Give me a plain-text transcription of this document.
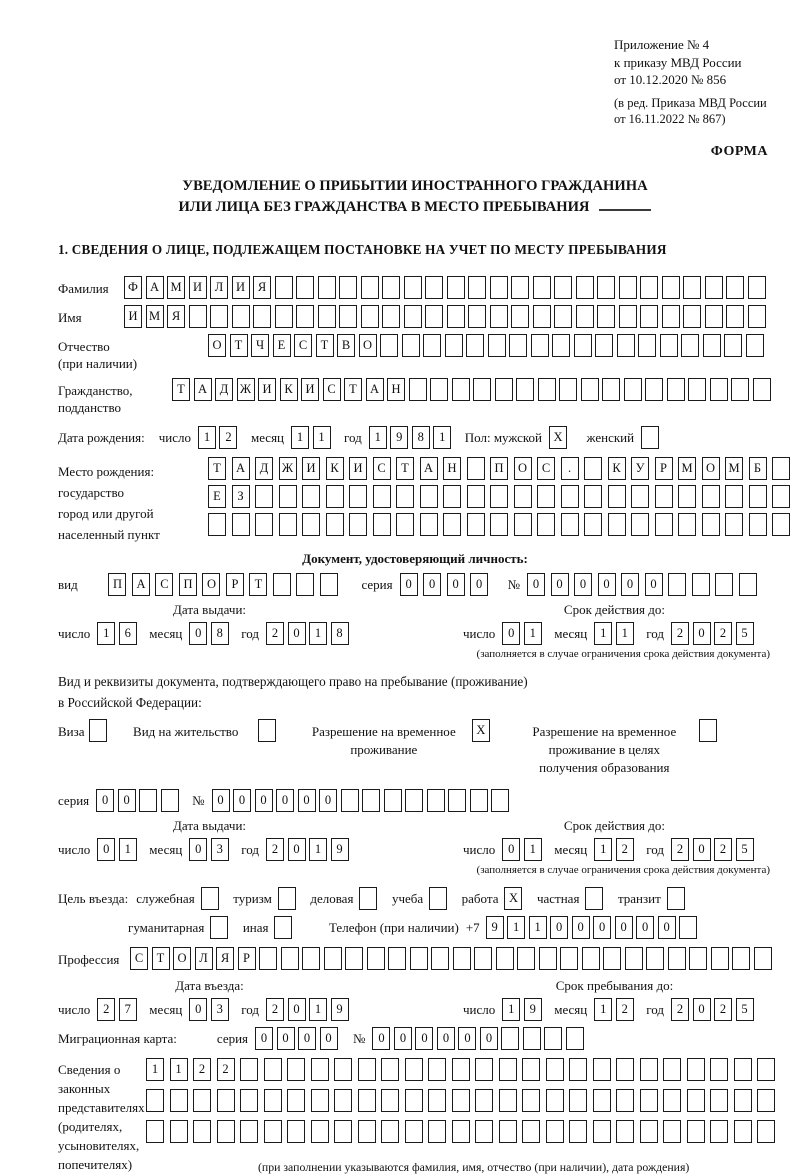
Приложение № 4
к приказу МВД России
от 10.12.2020 № 856
(в ред. Приказа МВД России
от 16.11.2022 № 867)
ФОРМА
УВЕДОМЛЕНИЕ О ПРИБЫТИИ ИНОСТРАННОГО ГРАЖДАНИНА
ИЛИ ЛИЦА БЕЗ ГРАЖДАНСТВА В МЕСТО ПРЕБЫВАНИЯ
1. СВЕДЕНИЯ О ЛИЦЕ, ПОДЛЕЖАЩЕМ ПОСТАНОВКЕ НА УЧЕТ ПО МЕСТУ ПРЕБЫВАНИЯ
Фамилия	Ф А М И	Л	И	Я
Имя	И М Я
Отчество
(при наличии)
О	Т	Ч	Е	С	Т	В	О
Гражданство,
подданство
Т	А	Д Ж И	К	И	С	Т	А Н
Дата рождения: число	1	2	месяц	1	1	год	1	9	8	1	Пол: мужской X	женский
Место рождения:
государство
город или другой
населенный пункт
Т	А	Д	Ж	И	К	И	С	Т	А	Н	П	О	С	.	К	У	Р	М	О	М	Б
Е	З
Документ, удостоверяющий личность:
вид	П	А	С	П	О	Р	Т	серия	0	0	0	0	№	0	0	0	0	0	0
Дата выдачи:
число	1	6	месяц	0	8	год	2	0	1	8
Срок действия до:
число	0	1	месяц	1	1	год	2	0	2	5
(заполняется в случае ограничения срока действия документа)
Вид и реквизиты документа, подтверждающего право на пребывание (проживание)
в Российской Федерации:
Виза	Вид на жительство	Разрешение на временное проживание
X	Разрешение на временное проживание в целях получения образования
серия	0	0	№	0	0	0	0	0	0
Дата выдачи:
число	0	1	месяц	0	3	год	2	0	1	9
Срок действия до:
число	0	1	месяц	1	2	год	2	0	2	5
(заполняется в случае ограничения срока действия документа)
Цель въезда: служебная	туризм	деловая	учеба	работа X	частная	транзит
гуманитарная	иная	Телефон (при наличии) +7 9	1	1	0	0	0	0	0	0
Профессия	С	Т	О	Л	Я	Р
Дата въезда:
число	2	7	месяц	0	3	год	2	0	1	9
Срок пребывания до:
число	1	9	месяц	1	2	год	2	0	2	5
Миграционная карта:	серия	0	0	0	0	№	0	0	0	0	0	0
Сведения о
законных
представителях
(родителях,
усыновителях,
попечителях)
1	1	2	2
(при заполнении указываются фамилия, имя, отчество (при наличии), дата рождения)
